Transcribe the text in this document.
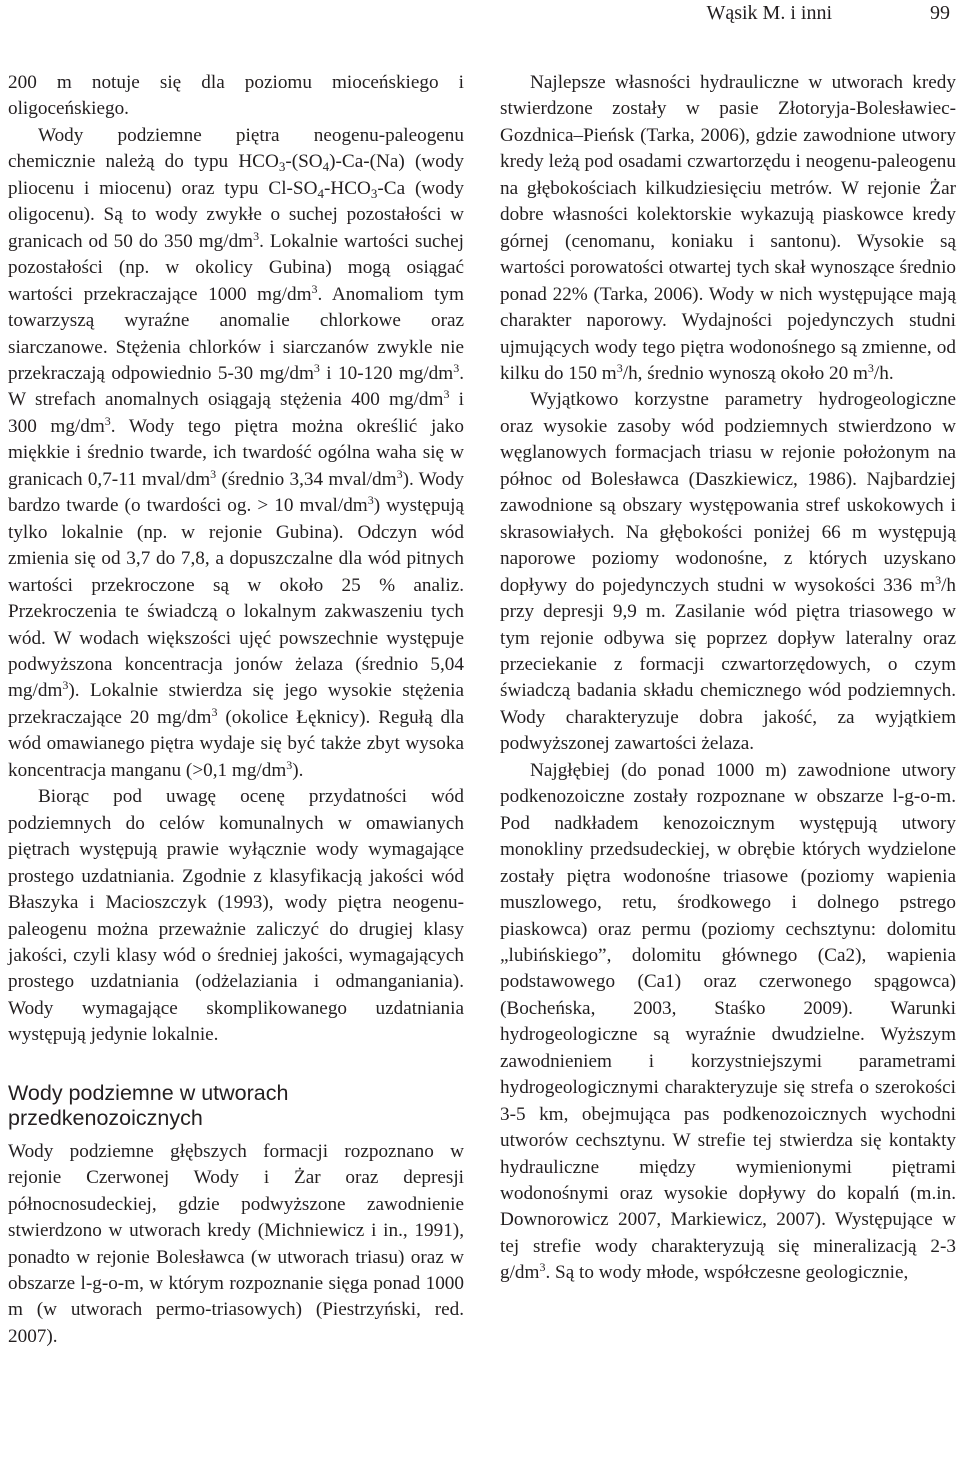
Wąsik M. i inni	99

200 m notuje się dla poziomu mioceńskiego i oligoceńskiego.

Wody podziemne piętra neogenu-paleogenu chemicznie należą do typu $HCO_3-(SO_4)-Ca-(Na)$ (wody pliocenu i miocenu) oraz typu $Cl-SO_4-HCO_3-Ca$ (wody oligocenu). Są to wody zwykłe o suchej pozostałości w granicach od 50 do 350 $mg/dm^3$. Lokalnie wartości suchej pozostałości (np. w okolicy Gubina) mogą osiągać wartości przekraczające 1000 $mg/dm^3$. Anomaliom tym towarzyszą wyraźne anomalie chlorkowe oraz siarczanowe. Stężenia chlorków i siarczanów zwykle nie przekraczają odpowiednio 5-30 $mg/dm^3$ i 10-120 $mg/dm^3$. W strefach anomalnych osiągają stężenia 400 $mg/dm^3$ i 300 $mg/dm^3$. Wody tego piętra można określić jako miękkie i średnio twarde, ich twardość ogólna waha się w granicach 0,7-11 mval/$dm^3$ (średnio 3,34 mval/$dm^3$). Wody bardzo twarde (o twardości og. > 10 mval/$dm^3$) występują tylko lokalnie (np. w rejonie Gubina). Odczyn wód zmienia się od 3,7 do 7,8, a dopuszczalne dla wód pitnych wartości przekroczone są w około 25 % analiz. Przekroczenia te świadczą o lokalnym zakwaszeniu tych wód. W wodach większości ujęć powszechnie występuje podwyższona koncentracja jonów żelaza (średnio 5,04 $mg/dm^3$). Lokalnie stwierdza się jego wysokie stężenia przekraczające 20 $mg/dm^3$ (okolice Łęknicy). Regułą dla wód omawianego piętra wydaje się być także zbyt wysoka koncentracja manganu (>0,1 $mg/dm^3$).

Biorąc pod uwagę ocenę przydatności wód podziemnych do celów komunalnych w omawianych piętrach występują prawie wyłącznie wody wymagające prostego uzdatniania. Zgodnie z klasyfikacją jakości wód Błaszyka i Macioszczyk (1993), wody piętra neogenu-paleogenu można przeważnie zaliczyć do drugiej klasy jakości, czyli klasy wód o średniej jakości, wymagających prostego uzdatniania (odżelaziania i odmanganiania). Wody wymagające skomplikowanego uzdatniania występują jedynie lokalnie.

Wody podziemne w utworach przedkenozoicznych

Wody podziemne głębszych formacji rozpoznano w rejonie Czerwonej Wody i Żar oraz depresji północnosudeckiej, gdzie podwyższone zawodnienie stwierdzono w utworach kredy (Michniewicz i in., 1991), ponadto w rejonie Bolesławca (w utworach triasu) oraz w obszarze l-g-o-m, w którym rozpoznanie sięga ponad 1000 m (w utworach permo-triasowych) (Piestrzyński, red. 2007).

Najlepsze własności hydrauliczne w utworach kredy stwierdzone zostały w pasie Złotoryja-Bolesławiec-Gozdnica–Pieńsk (Tarka, 2006), gdzie zawodnione utwory kredy leżą pod osadami czwartorzędu i neogenu-paleogenu na głębokościach kilkudziesięciu metrów. W rejonie Żar dobre własności kolektorskie wykazują piaskowce kredy górnej (cenomanu, koniaku i santonu). Wysokie są wartości porowatości otwartej tych skał wynoszące średnio ponad 22% (Tarka, 2006). Wody w nich występujące mają charakter naporowy. Wydajności pojedynczych studni ujmujących wody tego piętra wodonośnego są zmienne, od kilku do 150 $m^3/h$, średnio wynoszą około 20 $m^3/h$.

Wyjątkowo korzystne parametry hydrogeologiczne oraz wysokie zasoby wód podziemnych stwierdzono w węglanowych formacjach triasu w rejonie położonym na północ od Bolesławca (Daszkiewicz, 1986). Najbardziej zawodnione są obszary występowania stref uskokowych i skrasowiałych. Na głębokości poniżej 66 m występują naporowe poziomy wodonośne, z których uzyskano dopływy do pojedynczych studni w wysokości 336 $m^3/h$ przy depresji 9,9 m. Zasilanie wód piętra triasowego w tym rejonie odbywa się poprzez dopływ lateralny oraz przeciekanie z formacji czwartorzędowych, o czym świadczą badania składu chemicznego wód podziemnych. Wody charakteryzuje dobra jakość, za wyjątkiem podwyższonej zawartości żelaza.

Najgłębiej (do ponad 1000 m) zawodnione utwory podkenozoiczne zostały rozpoznane w obszarze l-g-o-m. Pod nadkładem kenozoicznym występują utwory monokliny przedsudeckiej, w obrębie których wydzielone zostały piętra wodonośne triasowe (poziomy wapienia muszlowego, retu, środkowego i dolnego pstrego piaskowca) oraz permu (poziomy cechsztynu: dolomitu „lubińskiego”, dolomitu głównego (Ca2), wapienia podstawowego (Ca1) oraz czerwonego spągowca) (Bocheńska, 2003, Staśko 2009). Warunki hydrogeologiczne są wyraźnie dwudzielne. Wyższym zawodnieniem i korzystniejszymi parametrami hydrogeologicznymi charakteryzuje się strefa o szerokości 3-5 km, obejmująca pas podkenozoicznych wychodni utworów cechsztynu. W strefie tej stwierdza się kontakty hydrauliczne między wymienionymi piętrami wodonośnymi oraz wysokie dopływy do kopalń (m.in. Downorowicz 2007, Markiewicz, 2007). Występujące w tej strefie wody charakteryzują się mineralizacją 2-3 $g/dm^3$. Są to wody młode, współczesne geologicznie,
